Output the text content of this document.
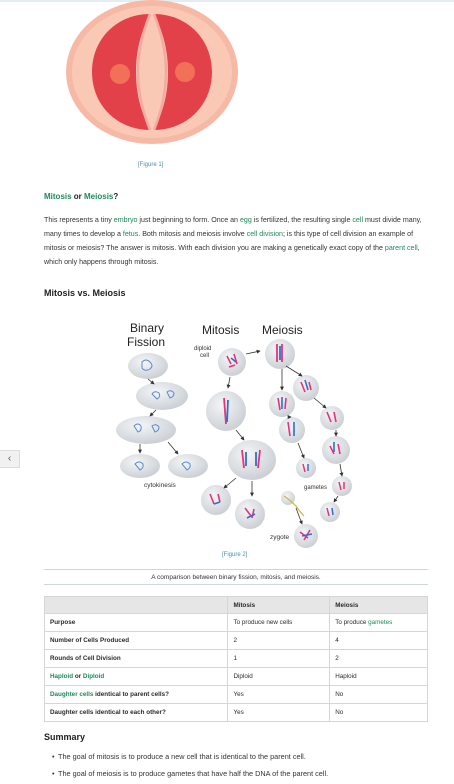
[Figure 1]
Mitosis or Meiosis?

This represents a tiny embryo just beginning to form. Once an egg is fertilized, the resulting single cell must divide many, many times to develop a fetus. Both mitosis and meiosis involve cell division; is this type of cell division an example of mitosis or meiosis? The answer is mitosis. With each division you are making a genetically exact copy of the parent cell, which only happens through mitosis.

Mitosis vs. Meiosis
Binary
Fission
Mitosis Meiosis
diploid
cell
cytokinesis	gametes
zygote
[Figure 2]
A comparison between binary fission, mitosis, and meiosis.
	Mitosis	Meiosis
Purpose	To produce new cells	To produce gametes
Number of Cells Produced	2	4
Rounds of Cell Division	1	2
Haploid or Diploid	Diploid	Haploid
Daughter cells identical to parent cells?	Yes	No
Daughter cells identical to each other?	Yes	No
Summary
• The goal of mitosis is to produce a new cell that is identical to the parent cell.
• The goal of meiosis is to produce gametes that have half the DNA of the parent cell.
‹
